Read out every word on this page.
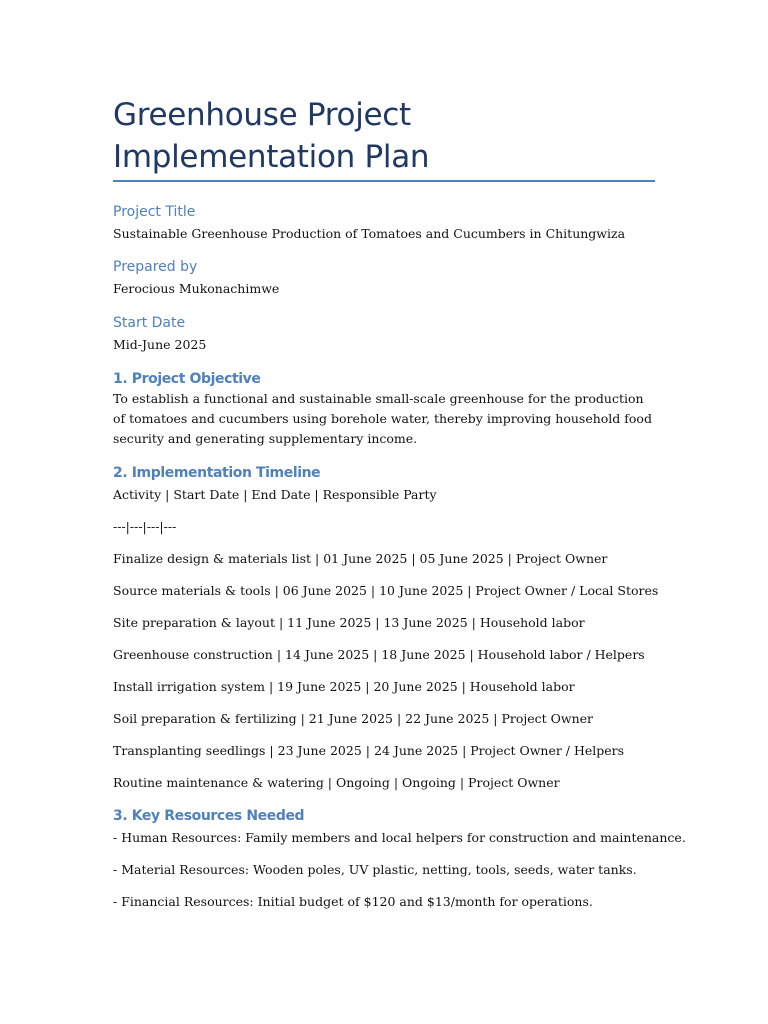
Greenhouse Project Implementation Plan
Project Title

Sustainable Greenhouse Production of Tomatoes and Cucumbers in Chitungwiza

Prepared by

Ferocious Mukonachimwe

Start Date

Mid-June 2025

1. Project Objective

To establish a functional and sustainable small-scale greenhouse for the production of tomatoes and cucumbers using borehole water, thereby improving household food security and generating supplementary income.

2. Implementation Timeline

Activity | Start Date | End Date | Responsible Party

---|---|---|---

Finalize design & materials list | 01 June 2025 | 05 June 2025 | Project Owner

Source materials & tools | 06 June 2025 | 10 June 2025 | Project Owner / Local Stores

Site preparation & layout | 11 June 2025 | 13 June 2025 | Household labor

Greenhouse construction | 14 June 2025 | 18 June 2025 | Household labor / Helpers

Install irrigation system | 19 June 2025 | 20 June 2025 | Household labor

Soil preparation & fertilizing | 21 June 2025 | 22 June 2025 | Project Owner

Transplanting seedlings | 23 June 2025 | 24 June 2025 | Project Owner / Helpers

Routine maintenance & watering | Ongoing | Ongoing | Project Owner

3. Key Resources Needed

- Human Resources: Family members and local helpers for construction and maintenance.

- Material Resources: Wooden poles, UV plastic, netting, tools, seeds, water tanks.

- Financial Resources: Initial budget of $120 and $13/month for operations.
